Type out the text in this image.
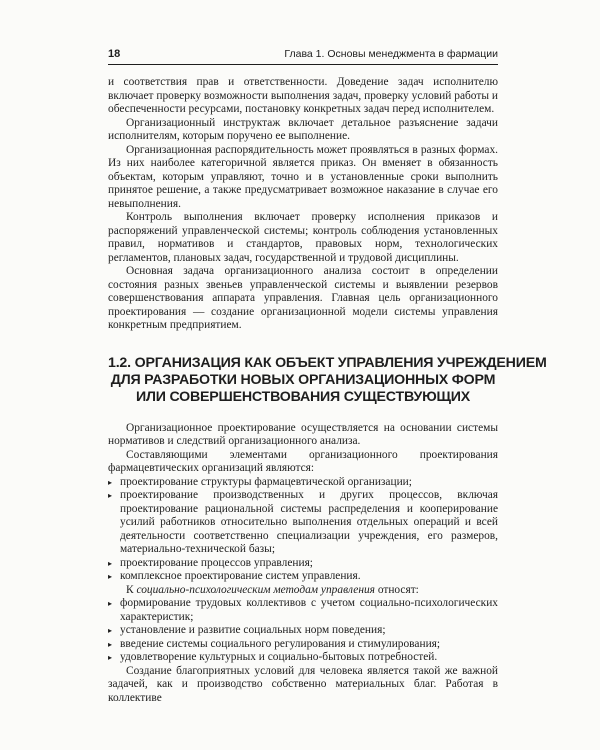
18	Глава 1. Основы менеджмента в фармации

и соответствия прав и ответственности. Доведение задач исполнителю включает проверку возможности выполнения задач, проверку условий работы и обеспеченности ресурсами, постановку конкретных задач перед исполнителем.

Организационный инструктаж включает детальное разъяснение задачи исполнителям, которым поручено ее выполнение.

Организационная распорядительность может проявляться в разных формах. Из них наиболее категоричной является приказ. Он вменяет в обязанность объектам, которым управляют, точно и в установленные сроки выполнить принятое решение, а также предусматривает возможное наказание в случае его невыполнения.

Контроль выполнения включает проверку исполнения приказов и распоряжений управленческой системы; контроль соблюдения установленных правил, нормативов и стандартов, правовых норм, технологических регламентов, плановых задач, государственной и трудовой дисциплины.

Основная задача организационного анализа состоит в определении состояния разных звеньев управленческой системы и выявлении резервов совершенствования аппарата управления. Главная цель организационного проектирования — создание организационной модели системы управления конкретным предприятием.

1.2. ОРГАНИЗАЦИЯ КАК ОБЪЕКТ УПРАВЛЕНИЯ УЧРЕЖДЕНИЕМ
ДЛЯ РАЗРАБОТКИ НОВЫХ ОРГАНИЗАЦИОННЫХ ФОРМ
ИЛИ СОВЕРШЕНСТВОВАНИЯ СУЩЕСТВУЮЩИХ

Организационное проектирование осуществляется на основании системы нормативов и следствий организационного анализа.

Составляющими элементами организационного проектирования фармацевтических организаций являются:

▸ проектирование структуры фармацевтической организации;
▸ проектирование производственных и других процессов, включая проектирование рациональной системы распределения и кооперирование усилий работников относительно выполнения отдельных операций и всей деятельности соответственно специализации учреждения, его размеров, материально-технической базы;
▸ проектирование процессов управления;
▸ комплексное проектирование систем управления.

К социально-психологическим методам управления относят:

▸ формирование трудовых коллективов с учетом социально-психологических характеристик;
▸ установление и развитие социальных норм поведения;
▸ введение системы социального регулирования и стимулирования;
▸ удовлетворение культурных и социально-бытовых потребностей.

Создание благоприятных условий для человека является такой же важной задачей, как и производство собственно материальных благ. Работая в коллективе
